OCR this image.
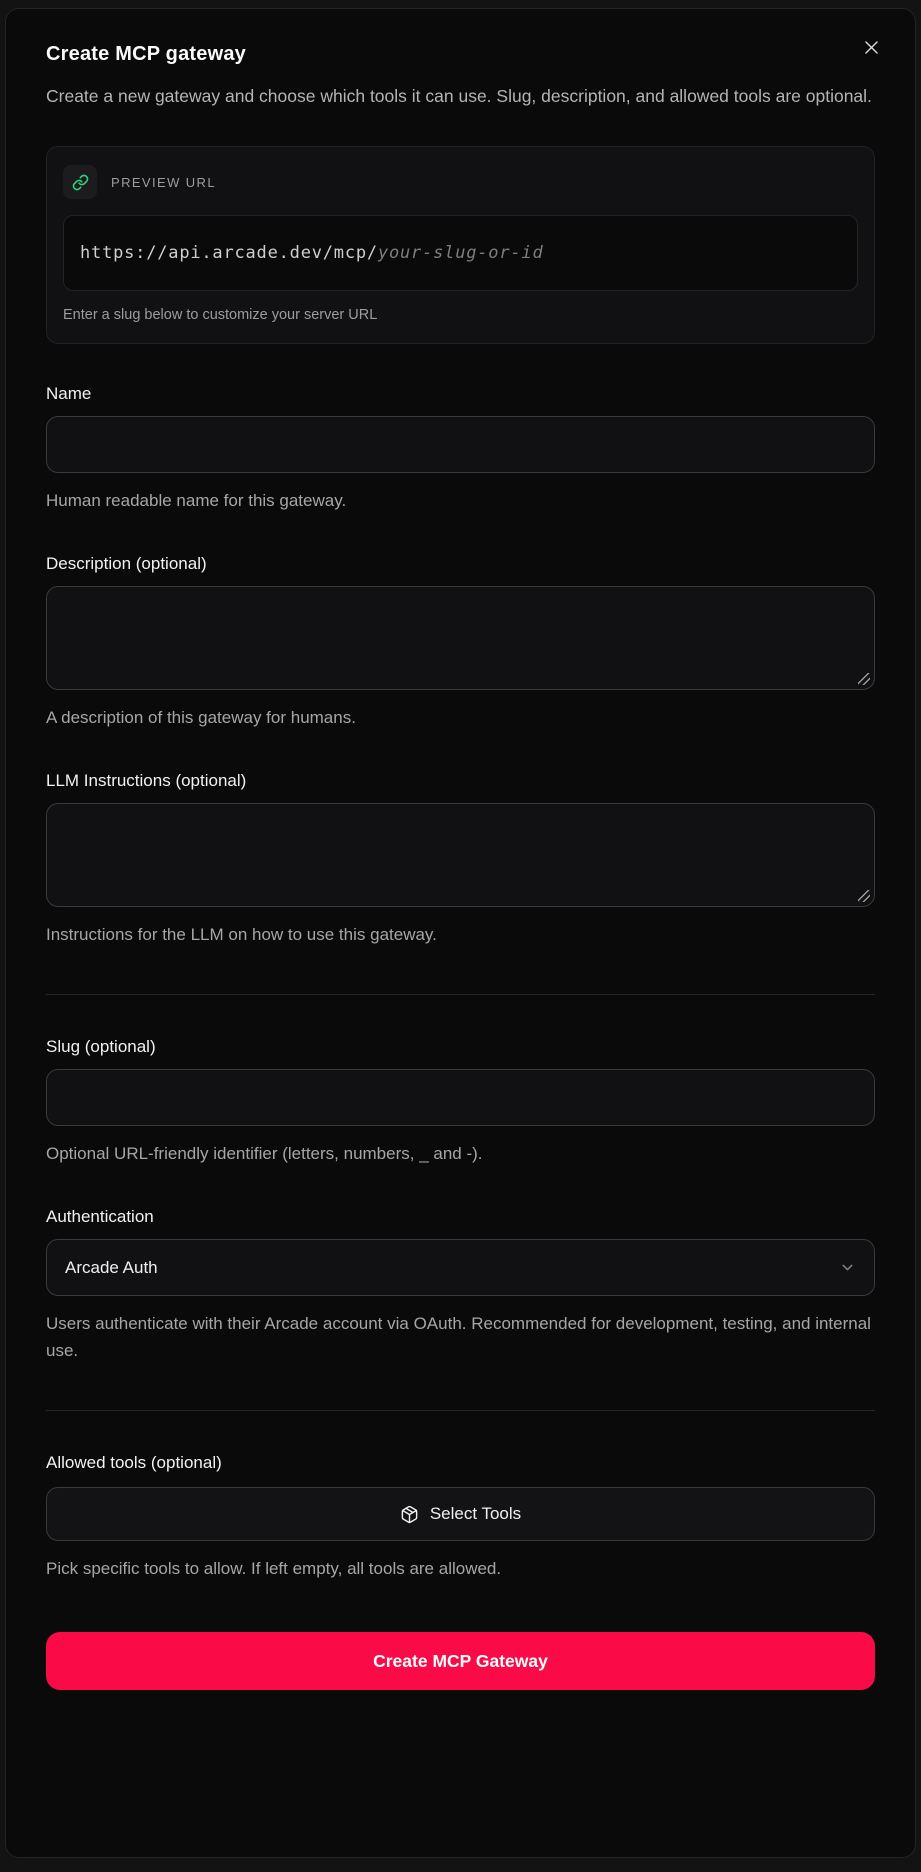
Create MCP gateway
Create a new gateway and choose which tools it can use. Slug, description, and allowed tools are optional.
PREVIEW URL
https://api.arcade.dev/mcp/ your-slug-or-id
Enter a slug below to customize your server URL
Name
Human readable name for this gateway.
Description (optional)
A description of this gateway for humans.
LLM Instructions (optional)
Instructions for the LLM on how to use this gateway.
Slug (optional)
Optional URL-friendly identifier (letters, numbers, _ and -).
Authentication
Arcade Auth
Users authenticate with their Arcade account via OAuth. Recommended for development, testing, and internal use.
Allowed tools (optional)
Select Tools
Pick specific tools to allow. If left empty, all tools are allowed.
Create MCP Gateway
